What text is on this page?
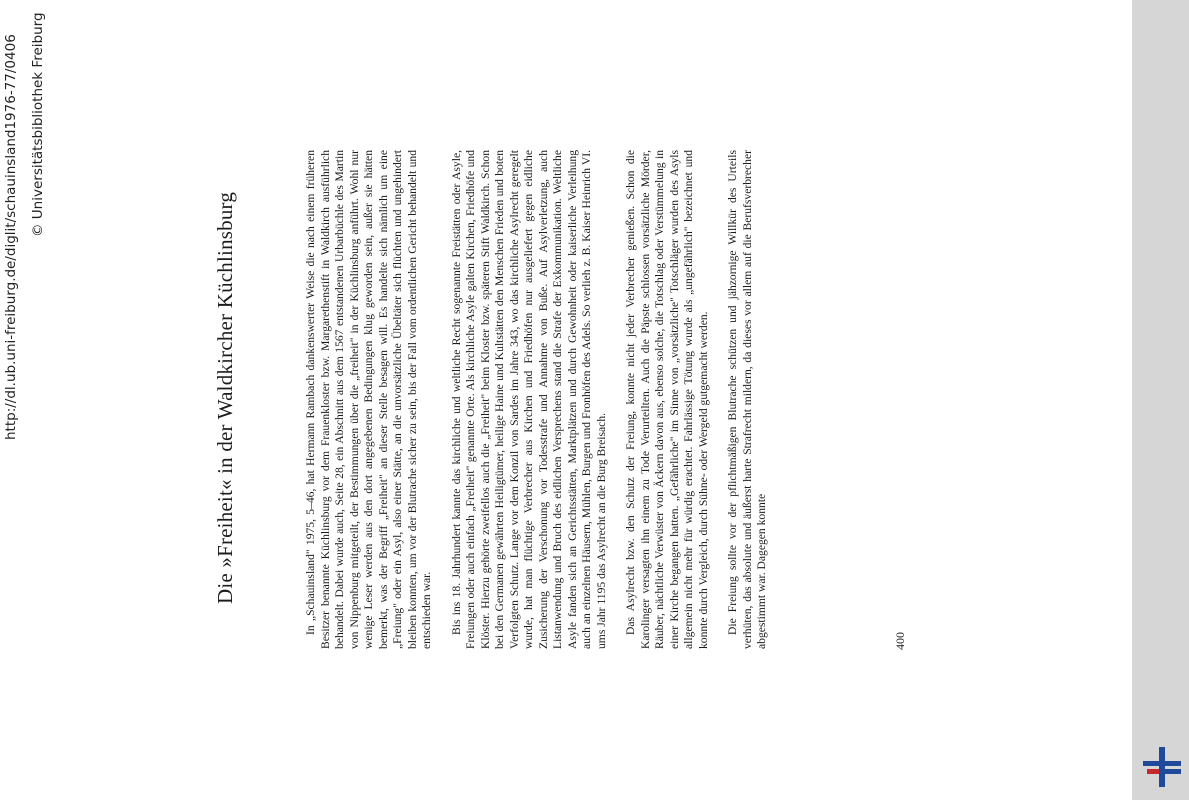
Die »Freiheit« in der Waldkircher Küchlinsburg	In „Schauinsland" 1975, 5–46, hat Hermann Rambach dankenswerter Weise die nach einem früheren Besitzer benannte Küchlinsburg vor dem Frauenkloster bzw. Margarethenstift in Waldkirch ausführlich behandelt. Dabei wurde auch, Seite 28, ein Abschnitt aus dem 1567 entstandenen Urbarbüchle des Martin von Nippenburg mitgeteilt, der Bestimmungen über die „freiheit" in der Küchlinsburg anführt. Wohl nur wenige Leser werden aus den dort angegebenen Bedingungen klug geworden sein, außer sie hätten bemerkt, was der Begriff „Freiheit" an dieser Stelle besagen will. Es handelte sich nämlich um eine „Freiung" oder ein Asyl, also einer Stätte, an die unvorsätzliche Übeltäter sich flüchten und ungehindert bleiben konnten, um vor der Blutrache sicher zu sein, bis der Fall vom ordentlichen Gericht behandelt und entschieden war. Bis ins 18. Jahrhundert kannte das kirchliche und weltliche Recht sogenannte Freistätten oder Asyle, Freiungen oder auch einfach „Freiheit" genannte Orte. Als kirchliche Asyle galten Kirchen, Friedhöfe und Klöster. Hierzu gehörte zweifellos auch die „Freiheit" beim Kloster bzw. späteren Stift Waldkirch. Schon bei den Germanen gewährten Heiligtümer, heilige Haine und Kultstätten den Menschen Frieden und boten Verfolgten Schutz. Lange vor dem Konzil von Sardes im Jahre 343, wo das kirchliche Asylrecht geregelt wurde, hat man flüchtige Verbrecher aus Kirchen und Friedhöfen nur ausgeliefert gegen eidliche Zusicherung der Verschonung vor Todesstrafe und Annahme von Buße. Auf Asylverletzung, auch Listanwendung und Bruch des eidlichen Versprechens stand die Strafe der Exkommunikation. Weltliche Asyle fanden sich an Gerichtsstätten, Marktplätzen und durch Gewohnheit oder kaiserliche Verleihung auch an einzelnen Häusern, Mühlen, Burgen und Fronhöfen des Adels. So verlieh z. B. Kaiser Heinrich VI. ums Jahr 1195 das Asylrecht an die Burg Breisach. Das Asylrecht bzw. den Schutz der Freiung, konnte nicht jeder Verbrecher genießen. Schon die Karolinger versagten ihn einem zu Tode Verurteilten. Auch die Päpste schlossen vorsätzliche Mörder, Räuber, nächtliche Verwüster von Äckern davon aus, ebenso solche, die Totschlag oder Verstümmelung in einer Kirche begangen hatten. „Gefährliche" im Sinne von „vorsätzliche" Totschläger wurden des Asyls allgemein nicht mehr für würdig erachtet. Fahrlässige Tötung wurde als „ungefährlich" bezeichnet und konnte durch Vergleich, durch Sühne- oder Wergeld gutgemacht werden. Die Freiung sollte vor der pflichtmäßigen Blutrache schützen und jähzornige Willkür des Urteils verhüten, das absolute und äußerst harte Strafrecht mildern, da dieses vor allem auf die Berufsverbrecher abgestimmt war. Dagegen konnte	400
http://dl.ub.uni-freiburg.de/diglit/schauinsland1976-77/0406 © Universitätsbibliothek Freiburg
